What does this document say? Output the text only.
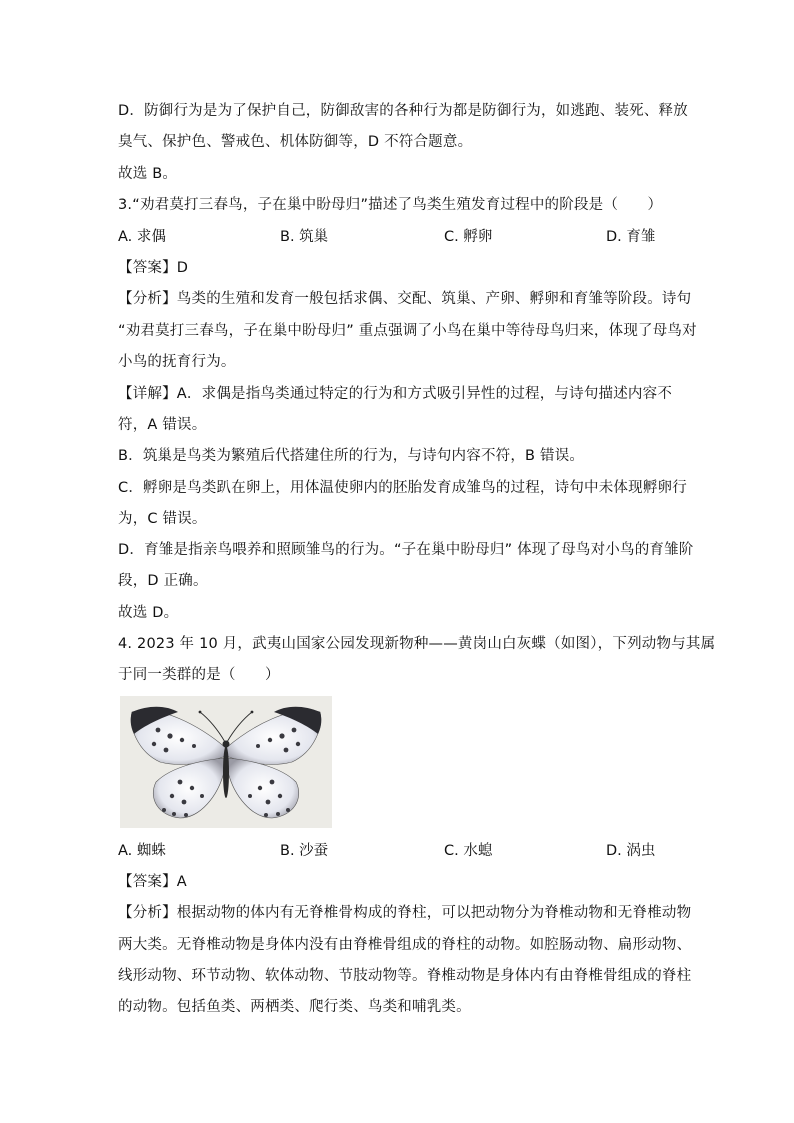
D．防御行为是为了保护自己，防御敌害的各种行为都是防御行为，如逃跑、装死、释放
臭气、保护色、警戒色、机体防御等，D 不符合题意。
故选 B。
3.“劝君莫打三春鸟，子在巢中盼母归”描述了鸟类生殖发育过程中的阶段是（　　）
A. 求偶	B. 筑巢	C. 孵卵	D. 育雏
【答案】D
【分析】鸟类的生殖和发育一般包括求偶、交配、筑巢、产卵、孵卵和育雏等阶段。诗句
“劝君莫打三春鸟，子在巢中盼母归” 重点强调了小鸟在巢中等待母鸟归来，体现了母鸟对
小鸟的抚育行为。
【详解】A．求偶是指鸟类通过特定的行为和方式吸引异性的过程，与诗句描述内容不
符，A 错误。
B．筑巢是鸟类为繁殖后代搭建住所的行为，与诗句内容不符，B 错误。
C．孵卵是鸟类趴在卵上，用体温使卵内的胚胎发育成雏鸟的过程，诗句中未体现孵卵行
为，C 错误。
D．育雏是指亲鸟喂养和照顾雏鸟的行为。“子在巢中盼母归” 体现了母鸟对小鸟的育雏阶
段，D 正确。
故选 D。
4. 2023 年 10 月，武夷山国家公园发现新物种——黄岗山白灰蝶（如图），下列动物与其属
于同一类群的是（　　）
A. 蜘蛛	B. 沙蚕	C. 水螅	D. 涡虫
【答案】A
【分析】根据动物的体内有无脊椎骨构成的脊柱，可以把动物分为脊椎动物和无脊椎动物
两大类。无脊椎动物是身体内没有由脊椎骨组成的脊柱的动物。如腔肠动物、扁形动物、
线形动物、环节动物、软体动物、节肢动物等。脊椎动物是身体内有由脊椎骨组成的脊柱
的动物。包括鱼类、两栖类、爬行类、鸟类和哺乳类。
